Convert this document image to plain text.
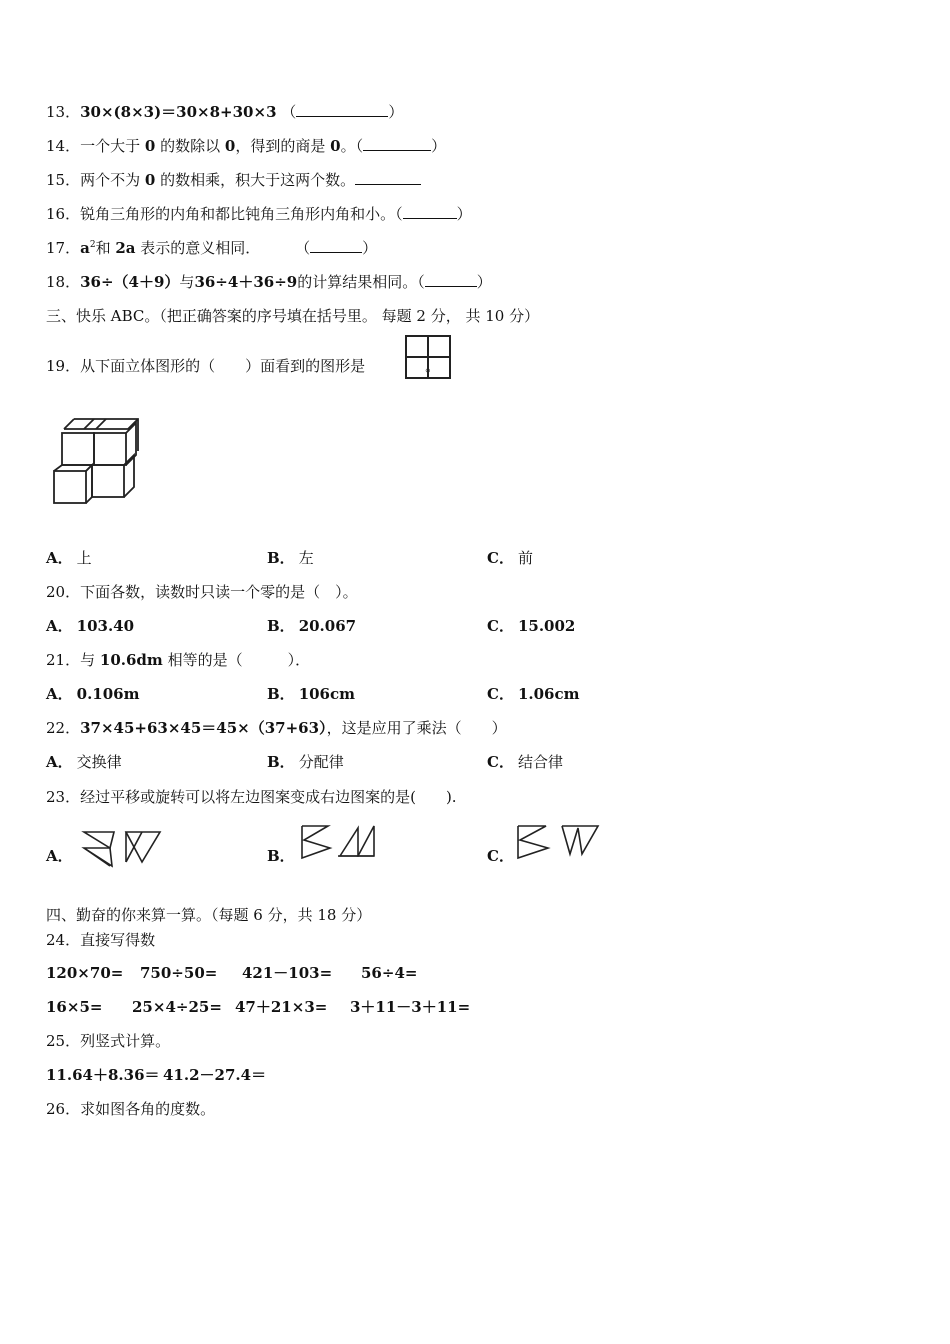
13．30×(8×3)＝30×8+30×3 （	）
14．一个大于 0 的数除以 0，得到的商是 0。（	）
15．两个不为 0 的数相乘，积大于这两个数。
16．锐角三角形的内角和都比钝角三角形内角和小。（	）
17．$a^2$和 2a 表示的意义相同． （	）
18．36÷（4＋9）与36÷4＋36÷9的计算结果相同。（	）
三、快乐 ABC。（把正确答案的序号填在括号里。 每题 2 分， 共 10 分）
19．从下面立体图形的（　　）面看到的图形是	。
A． 上	B． 左	C． 前
20．下面各数，读数时只读一个零的是（　）。
A． 103.40	B． 20.067	C． 15.002
21．与 10.6dm 相等的是（　　　）．
A． 0.106m	B． 106cm	C． 1.06cm
22．37×45+63×45＝45×（37+63），这是应用了乘法（　　）
A． 交换律	B． 分配律	C． 结合律
23．经过平移或旋转可以将左边图案变成右边图案的是(　　).
A．	B．	C．
四、勤奋的你来算一算。（每题 6 分，共 18 分）
24．直接写得数
120×70= 750÷50= 421－103= 56÷4=
16×5= 25×4÷25= 47＋21×3= 3＋11－3＋11=
25．列竖式计算。
11.64＋8.36＝ 41.2－27.4＝
26．求如图各角的度数。
